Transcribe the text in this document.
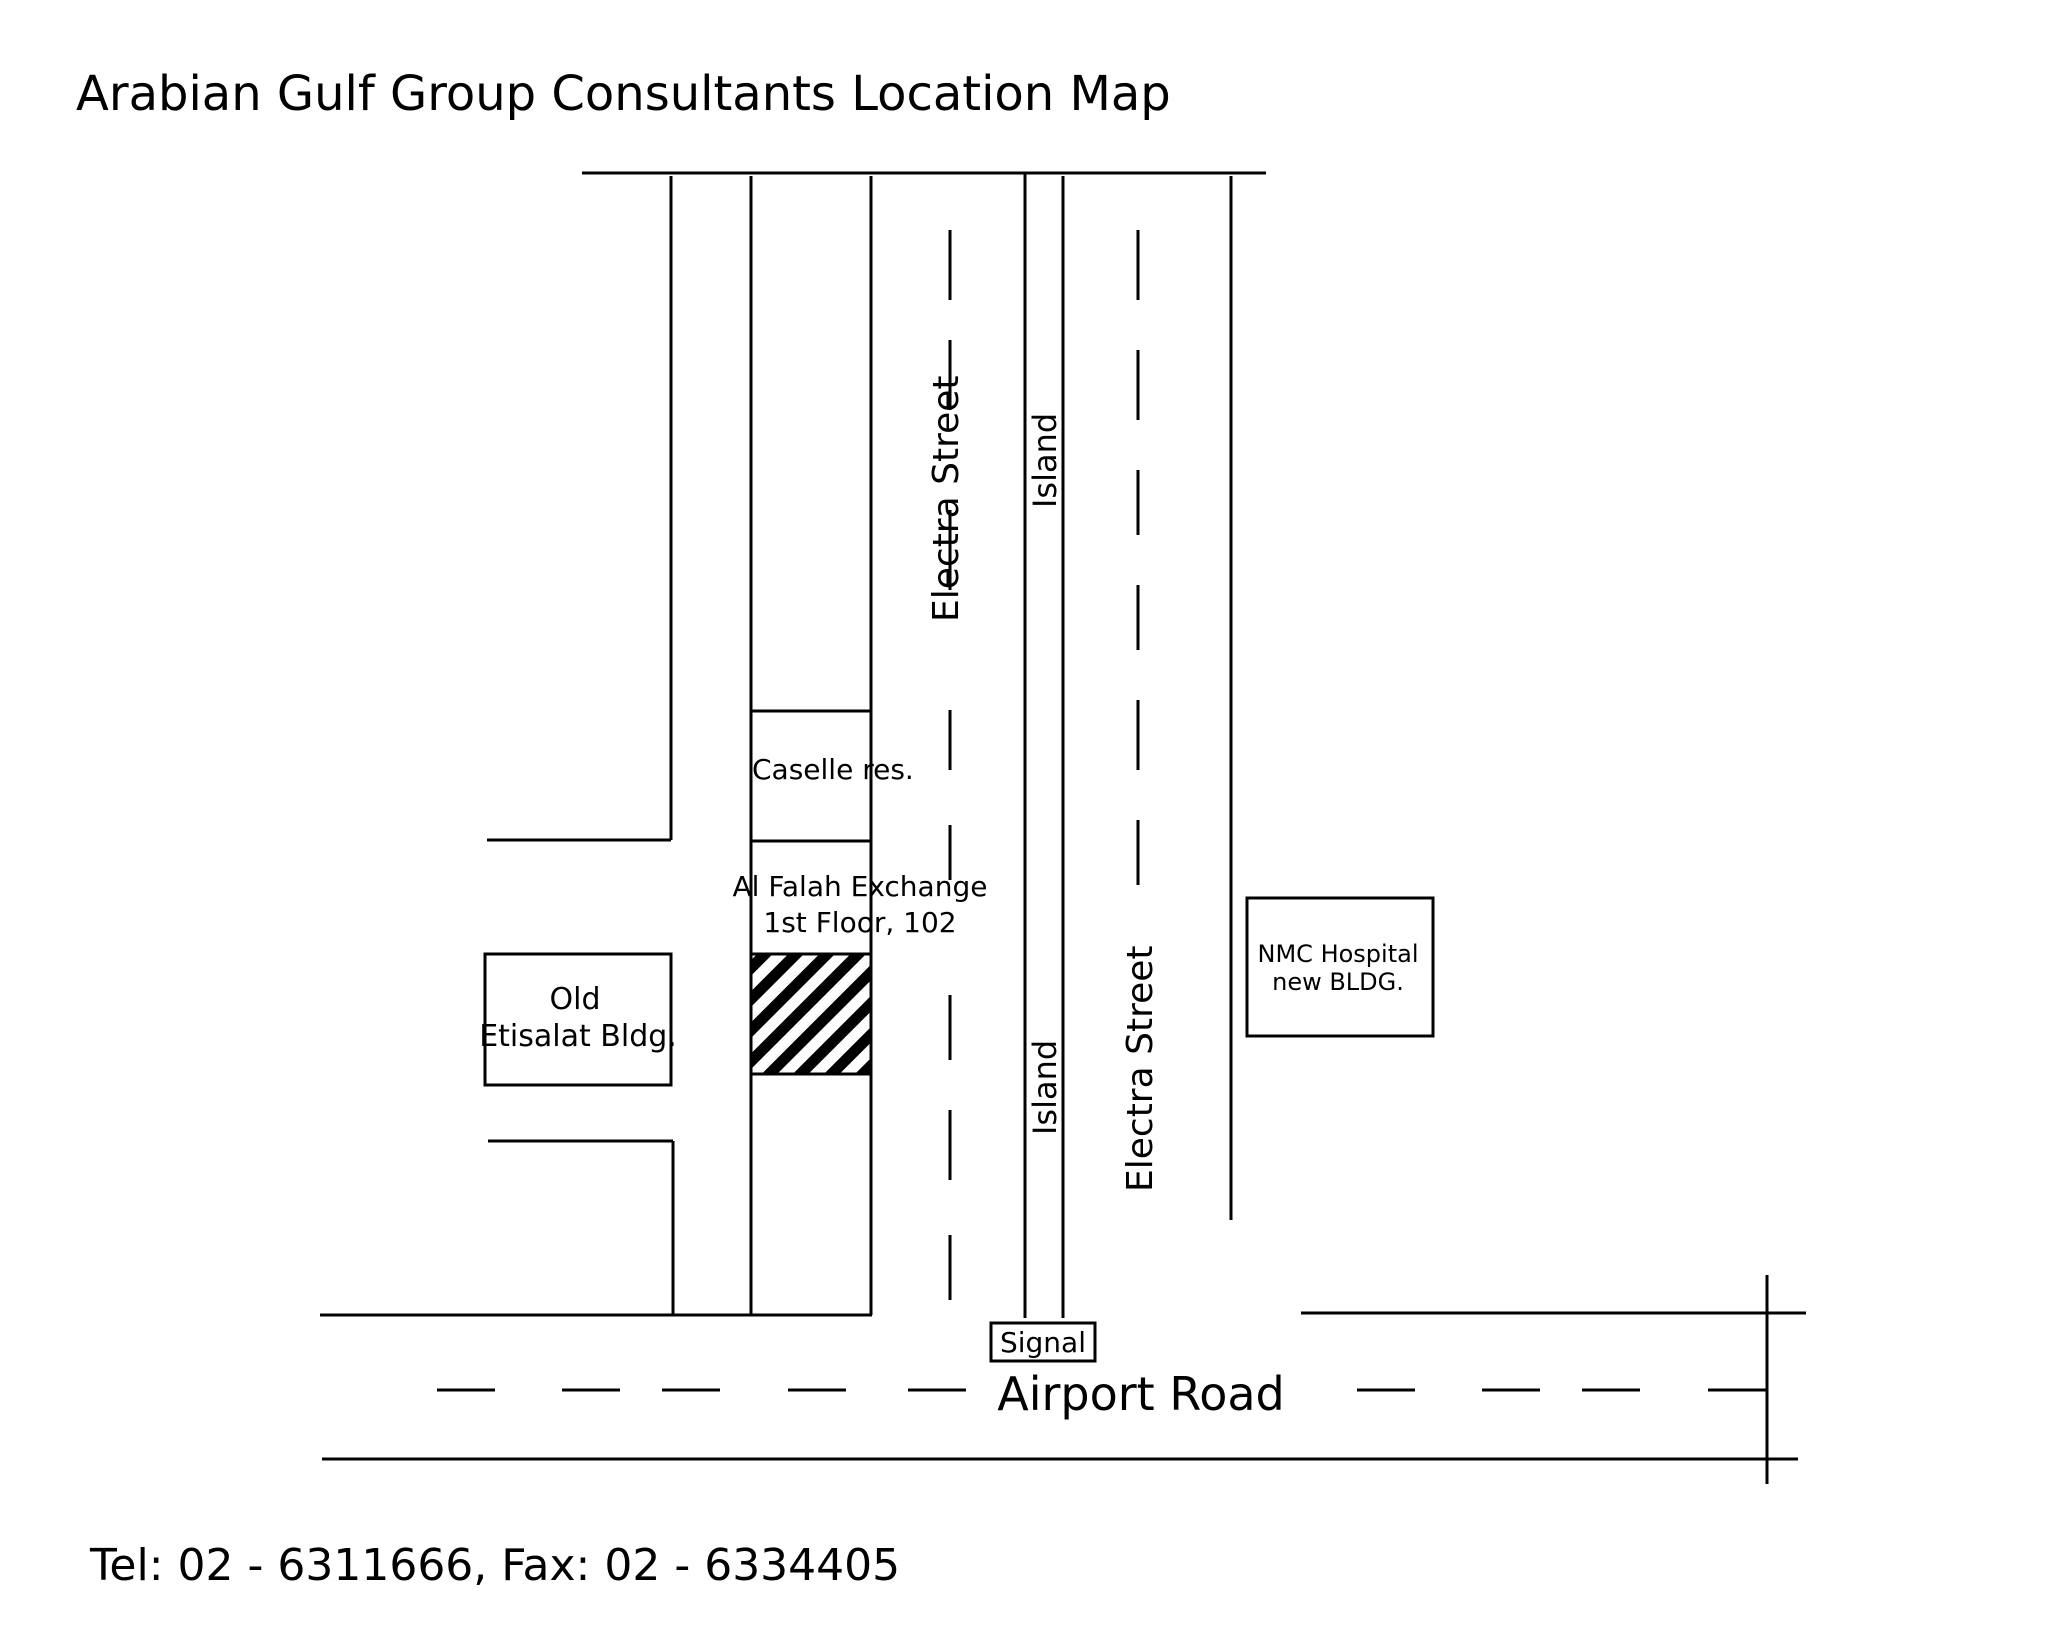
Arabian Gulf Group Consultants Location Map
Caselle res.
Al Falah Exchange
1st Floor, 102
Old
Etisalat Bldg.
NMC Hospital
new BLDG.
Electra Street Island
Island Electra Street
Signal
Airport Road
Tel: 02 - 6311666, Fax: 02 - 6334405
